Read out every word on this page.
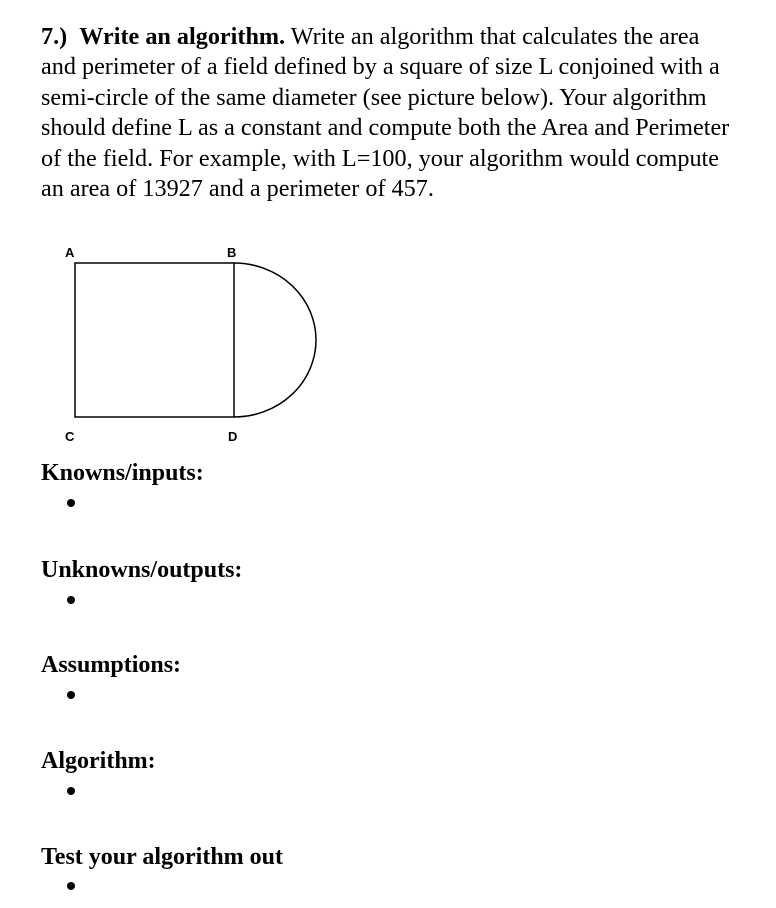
7.) Write an algorithm. Write an algorithm that calculates the area and perimeter of a field defined by a square of size L conjoined with a semi-circle of the same diameter (see picture below). Your algorithm should define L as a constant and compute both the Area and Perimeter of the field. For example, with L=100, your algorithm would compute an area of 13927 and a perimeter of 457.

A	B
C	D
Knowns/inputs:
Unknowns/outputs:
Assumptions:
Algorithm:
Test your algorithm out
